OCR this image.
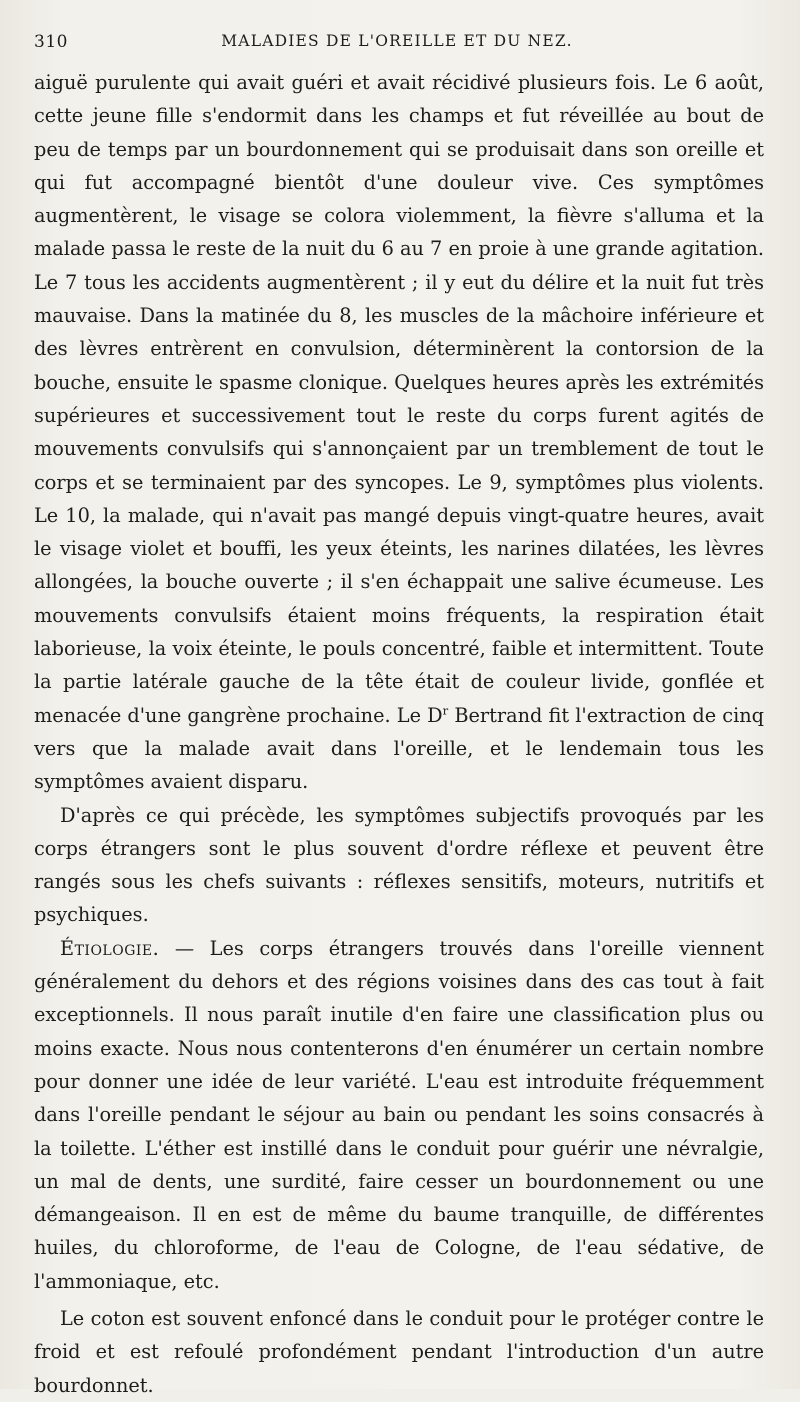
310	MALADIES DE L'OREILLE ET DU NEZ.

aiguë purulente qui avait guéri et avait récidivé plusieurs fois. Le 6 août, cette jeune fille s'endormit dans les champs et fut réveillée au bout de peu de temps par un bourdonnement qui se produisait dans son oreille et qui fut accompagné bientôt d'une douleur vive. Ces symptômes augmentèrent, le visage se colora violemment, la fièvre s'alluma et la malade passa le reste de la nuit du 6 au 7 en proie à une grande agitation. Le 7 tous les accidents augmentèrent ; il y eut du délire et la nuit fut très mauvaise. Dans la matinée du 8, les muscles de la mâchoire inférieure et des lèvres entrèrent en convulsion, déterminèrent la contorsion de la bouche, ensuite le spasme clonique. Quelques heures après les extrémités supérieures et successivement tout le reste du corps furent agités de mouvements convulsifs qui s'annonçaient par un tremblement de tout le corps et se terminaient par des syncopes. Le 9, symptômes plus violents. Le 10, la malade, qui n'avait pas mangé depuis vingt-quatre heures, avait le visage violet et bouffi, les yeux éteints, les narines dilatées, les lèvres allongées, la bouche ouverte ; il s'en échappait une salive écumeuse. Les mouvements convulsifs étaient moins fréquents, la respiration était laborieuse, la voix éteinte, le pouls concentré, faible et intermittent. Toute la partie latérale gauche de la tête était de couleur livide, gonflée et menacée d'une gangrène prochaine. Le $D^r$ Bertrand fit l'extraction de cinq vers que la malade avait dans l'oreille, et le lendemain tous les symptômes avaient disparu.

D'après ce qui précède, les symptômes subjectifs provoqués par les corps étrangers sont le plus souvent d'ordre réflexe et peuvent être rangés sous les chefs suivants : réflexes sensitifs, moteurs, nutritifs et psychiques.

Étiologie. — Les corps étrangers trouvés dans l'oreille viennent généralement du dehors et des régions voisines dans des cas tout à fait exceptionnels. Il nous paraît inutile d'en faire une classification plus ou moins exacte. Nous nous contenterons d'en énumérer un certain nombre pour donner une idée de leur variété. L'eau est introduite fréquemment dans l'oreille pendant le séjour au bain ou pendant les soins consacrés à la toilette. L'éther est instillé dans le conduit pour guérir une névralgie, un mal de dents, une surdité, faire cesser un bourdonnement ou une démangeaison. Il en est de même du baume tranquille, de différentes huiles, du chloroforme, de l'eau de Cologne, de l'eau sédative, de l'ammoniaque, etc.

Le coton est souvent enfoncé dans le conduit pour le protéger contre le froid et est refoulé profondément pendant l'introduction d'un autre bourdonnet.
